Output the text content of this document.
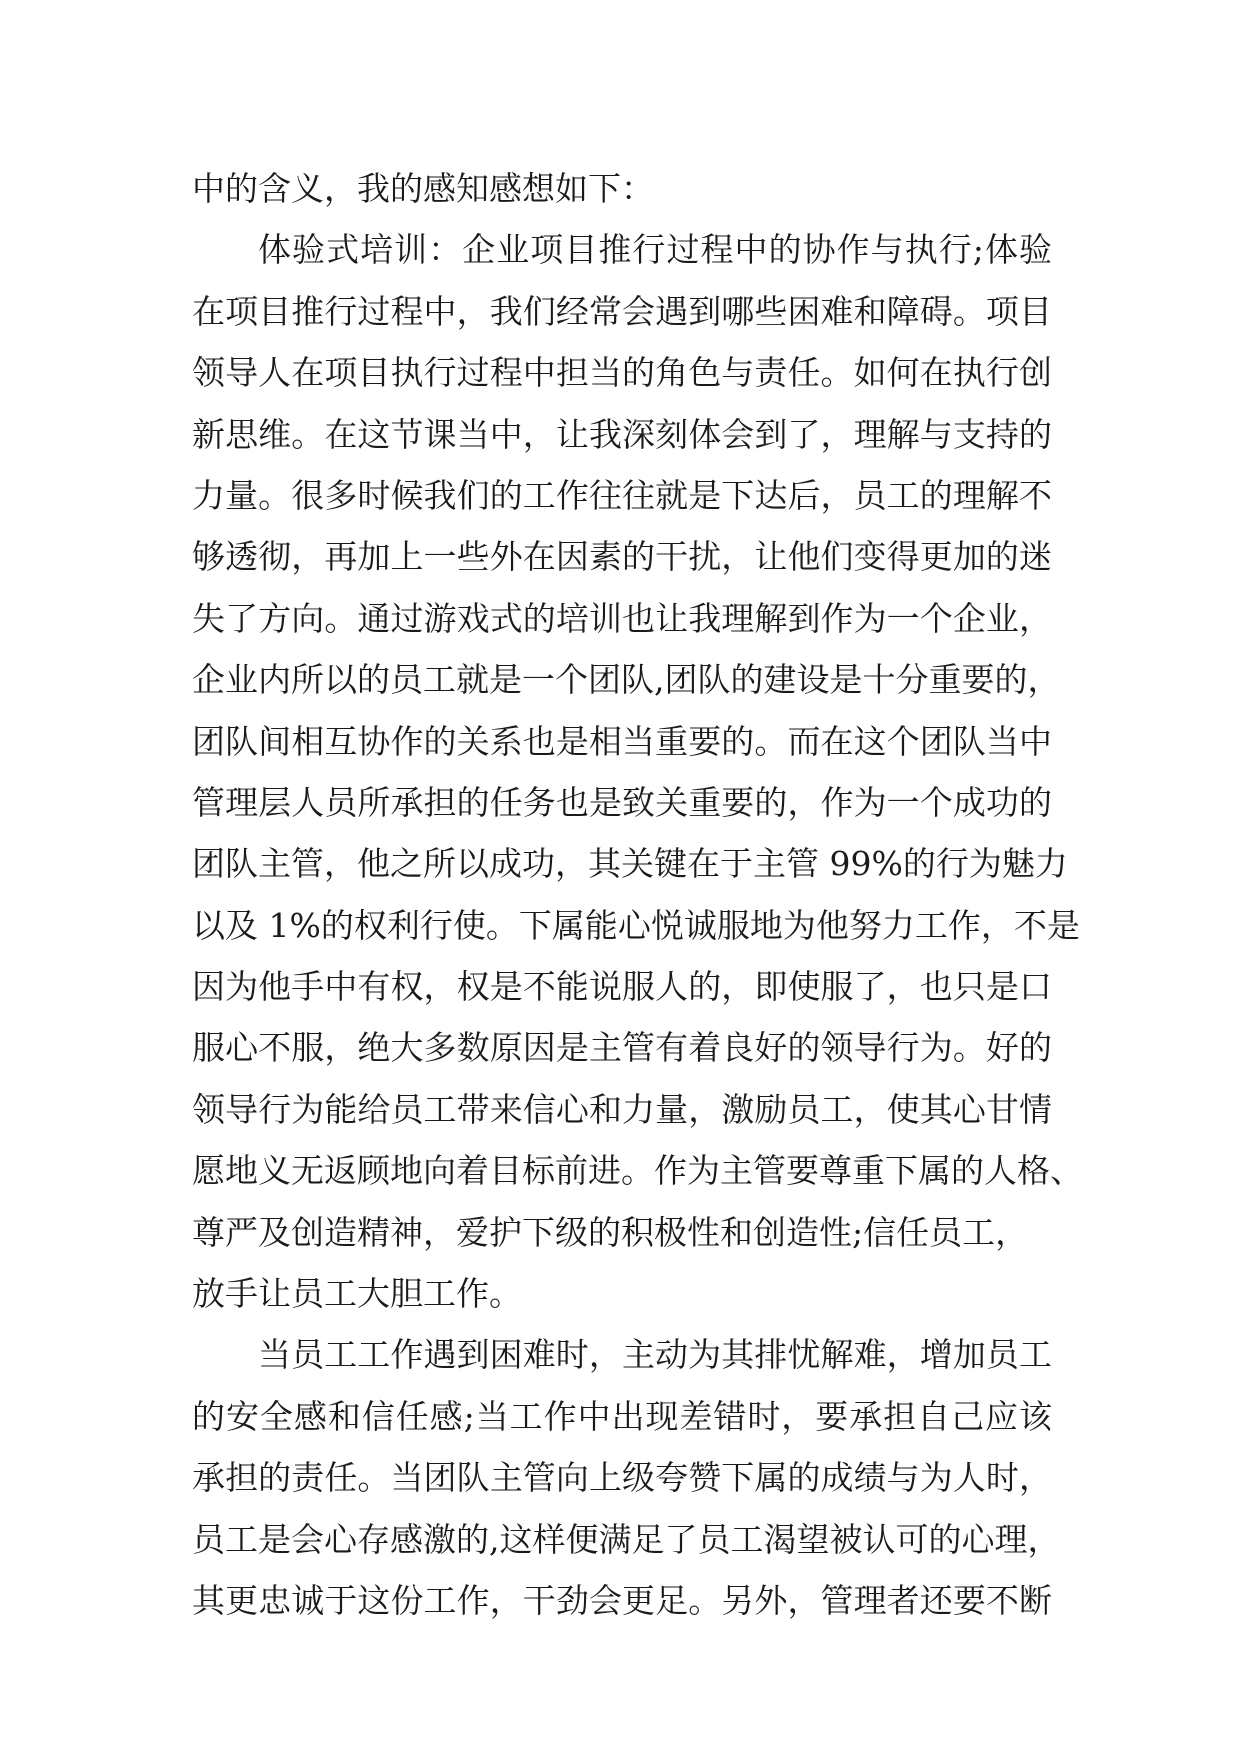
中的含义，我的感知感想如下：
体验式培训：企业项目推行过程中的协作与执行;体验
在项目推行过程中，我们经常会遇到哪些困难和障碍。项目
领导人在项目执行过程中担当的角色与责任。如何在执行创
新思维。在这节课当中，让我深刻体会到了，理解与支持的
力量。很多时候我们的工作往往就是下达后，员工的理解不
够透彻，再加上一些外在因素的干扰，让他们变得更加的迷
失了方向。通过游戏式的培训也让我理解到作为一个企业，
企业内所以的员工就是一个团队,团队的建设是十分重要的，
团队间相互协作的关系也是相当重要的。而在这个团队当中
管理层人员所承担的任务也是致关重要的，作为一个成功的
团队主管，他之所以成功，其关键在于主管 99%的行为魅力
以及 1%的权利行使。下属能心悦诚服地为他努力工作，不是
因为他手中有权，权是不能说服人的，即使服了，也只是口
服心不服，绝大多数原因是主管有着良好的领导行为。好的
领导行为能给员工带来信心和力量，激励员工，使其心甘情
愿地义无返顾地向着目标前进。作为主管要尊重下属的人格、
尊严及创造精神，爱护下级的积极性和创造性;信任员工，
放手让员工大胆工作。
当员工工作遇到困难时，主动为其排忧解难，增加员工
的安全感和信任感;当工作中出现差错时，要承担自己应该
承担的责任。当团队主管向上级夸赞下属的成绩与为人时，
员工是会心存感激的,这样便满足了员工渴望被认可的心理，
其更忠诚于这份工作，干劲会更足。另外，管理者还要不断
